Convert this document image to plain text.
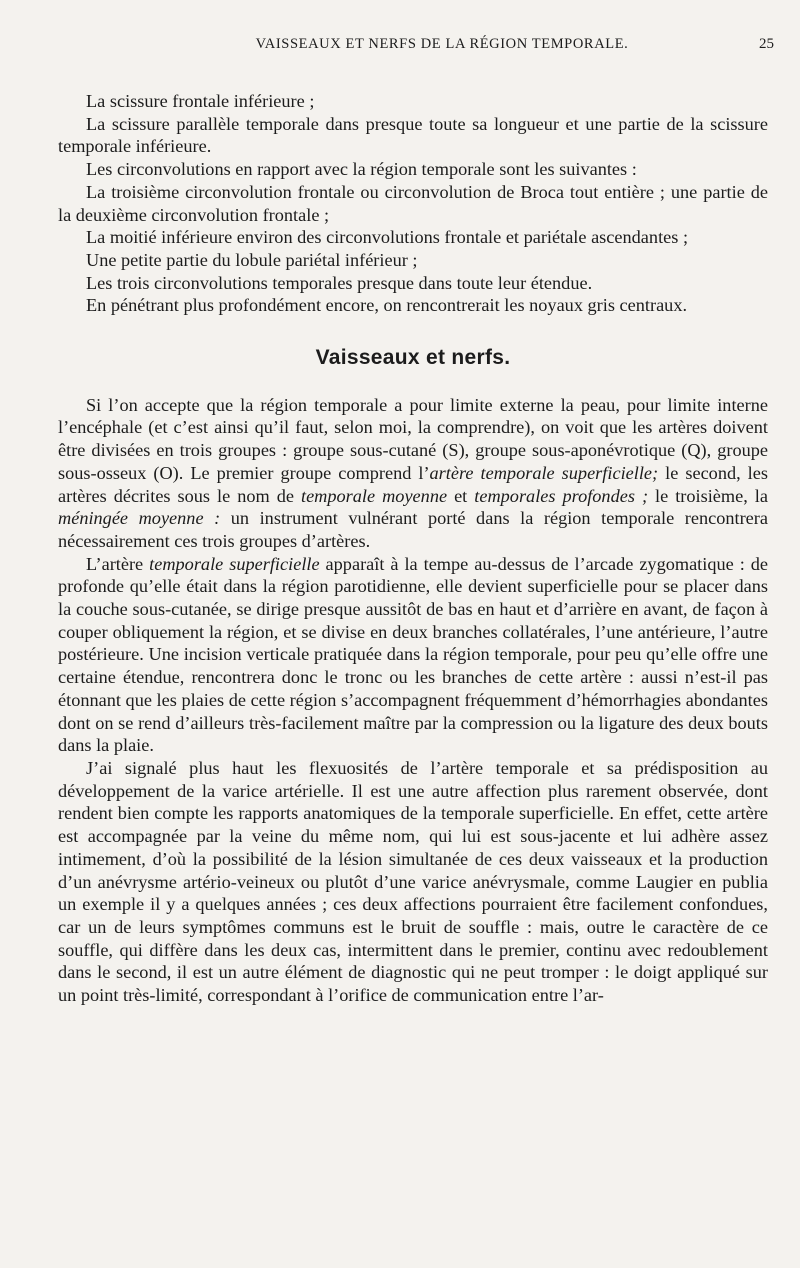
VAISSEAUX ET NERFS DE LA RÉGION TEMPORALE.	25

La scissure frontale inférieure ;

La scissure parallèle temporale dans presque toute sa longueur et une partie de la scissure temporale inférieure.

Les circonvolutions en rapport avec la région temporale sont les suivantes :

La troisième circonvolution frontale ou circonvolution de Broca tout entière ; une partie de la deuxième circonvolution frontale ;

La moitié inférieure environ des circonvolutions frontale et pariétale ascendantes ;

Une petite partie du lobule pariétal inférieur ;

Les trois circonvolutions temporales presque dans toute leur étendue.

En pénétrant plus profondément encore, on rencontrerait les noyaux gris centraux.

Vaisseaux et nerfs.

Si l’on accepte que la région temporale a pour limite externe la peau, pour limite interne l’encéphale (et c’est ainsi qu’il faut, selon moi, la comprendre), on voit que les artères doivent être divisées en trois groupes : groupe sous-cutané (S), groupe sous-aponévrotique (Q), groupe sous-osseux (O). Le premier groupe comprend l’artère temporale superficielle; le second, les artères décrites sous le nom de temporale moyenne et temporales profondes ; le troisième, la méningée moyenne : un instrument vulnérant porté dans la région temporale rencontrera nécessairement ces trois groupes d’artères.

L’artère temporale superficielle apparaît à la tempe au-dessus de l’arcade zygomatique : de profonde qu’elle était dans la région parotidienne, elle devient superficielle pour se placer dans la couche sous-cutanée, se dirige presque aussitôt de bas en haut et d’arrière en avant, de façon à couper obliquement la région, et se divise en deux branches collatérales, l’une antérieure, l’autre postérieure. Une incision verticale pratiquée dans la région temporale, pour peu qu’elle offre une certaine étendue, rencontrera donc le tronc ou les branches de cette artère : aussi n’est-il pas étonnant que les plaies de cette région s’accompagnent fréquemment d’hémorrhagies abondantes dont on se rend d’ailleurs très-facilement maître par la compression ou la ligature des deux bouts dans la plaie.

J’ai signalé plus haut les flexuosités de l’artère temporale et sa prédisposition au développement de la varice artérielle. Il est une autre affection plus rarement observée, dont rendent bien compte les rapports anatomiques de la temporale superficielle. En effet, cette artère est accompagnée par la veine du même nom, qui lui est sous-jacente et lui adhère assez intimement, d’où la possibilité de la lésion simultanée de ces deux vaisseaux et la production d’un anévrysme artério-veineux ou plutôt d’une varice anévrysmale, comme Laugier en publia un exemple il y a quelques années ; ces deux affections pourraient être facilement confondues, car un de leurs symptômes communs est le bruit de souffle : mais, outre le caractère de ce souffle, qui diffère dans les deux cas, intermittent dans le premier, continu avec redoublement dans le second, il est un autre élément de diagnostic qui ne peut tromper : le doigt appliqué sur un point très-limité, correspondant à l’orifice de communication entre l’ar-
